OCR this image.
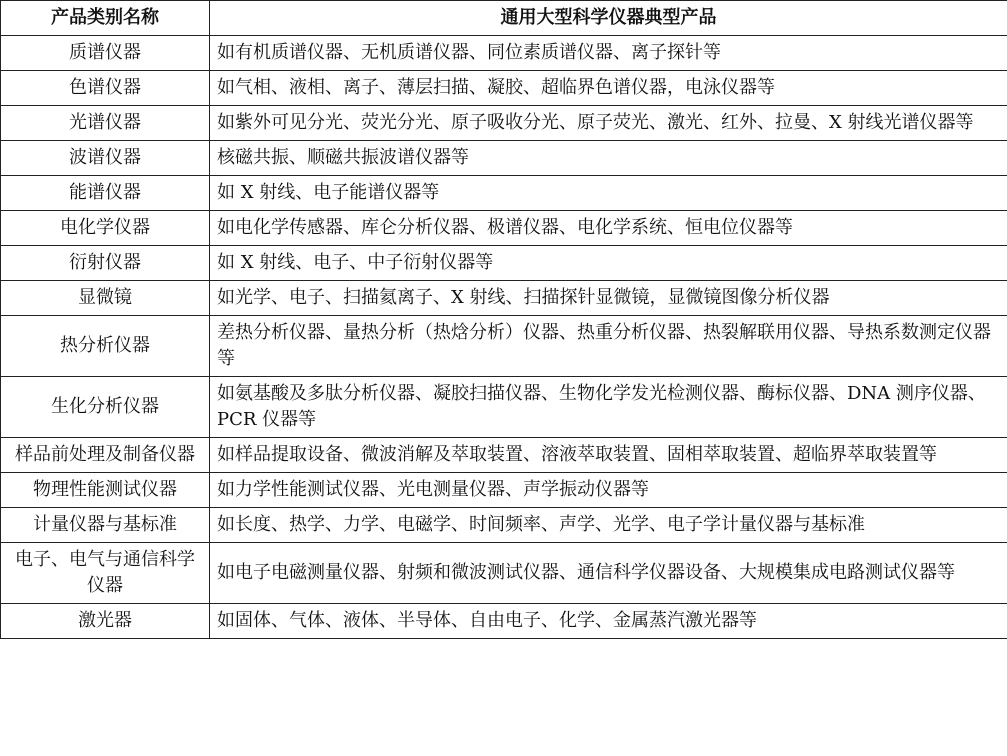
产品类别名称	通用大型科学仪器典型产品
质谱仪器	如有机质谱仪器、无机质谱仪器、同位素质谱仪器、离子探针等
色谱仪器	如气相、液相、离子、薄层扫描、凝胶、超临界色谱仪器，电泳仪器等
光谱仪器	如紫外可见分光、荧光分光、原子吸收分光、原子荧光、激光、红外、拉曼、X 射线光谱仪器等
波谱仪器	核磁共振、顺磁共振波谱仪器等
能谱仪器	如 X 射线、电子能谱仪器等
电化学仪器	如电化学传感器、库仑分析仪器、极谱仪器、电化学系统、恒电位仪器等
衍射仪器	如 X 射线、电子、中子衍射仪器等
显微镜	如光学、电子、扫描氦离子、X 射线、扫描探针显微镜，显微镜图像分析仪器
热分析仪器	差热分析仪器、量热分析（热焓分析）仪器、热重分析仪器、热裂解联用仪器、导热系数测定仪器等
生化分析仪器	如氨基酸及多肽分析仪器、凝胶扫描仪器、生物化学发光检测仪器、酶标仪器、DNA 测序仪器、PCR 仪器等
样品前处理及制备仪器	如样品提取设备、微波消解及萃取装置、溶液萃取装置、固相萃取装置、超临界萃取装置等
物理性能测试仪器	如力学性能测试仪器、光电测量仪器、声学振动仪器等
计量仪器与基标准	如长度、热学、力学、电磁学、时间频率、声学、光学、电子学计量仪器与基标准
电子、电气与通信科学仪器	如电子电磁测量仪器、射频和微波测试仪器、通信科学仪器设备、大规模集成电路测试仪器等
激光器	如固体、气体、液体、半导体、自由电子、化学、金属蒸汽激光器等
